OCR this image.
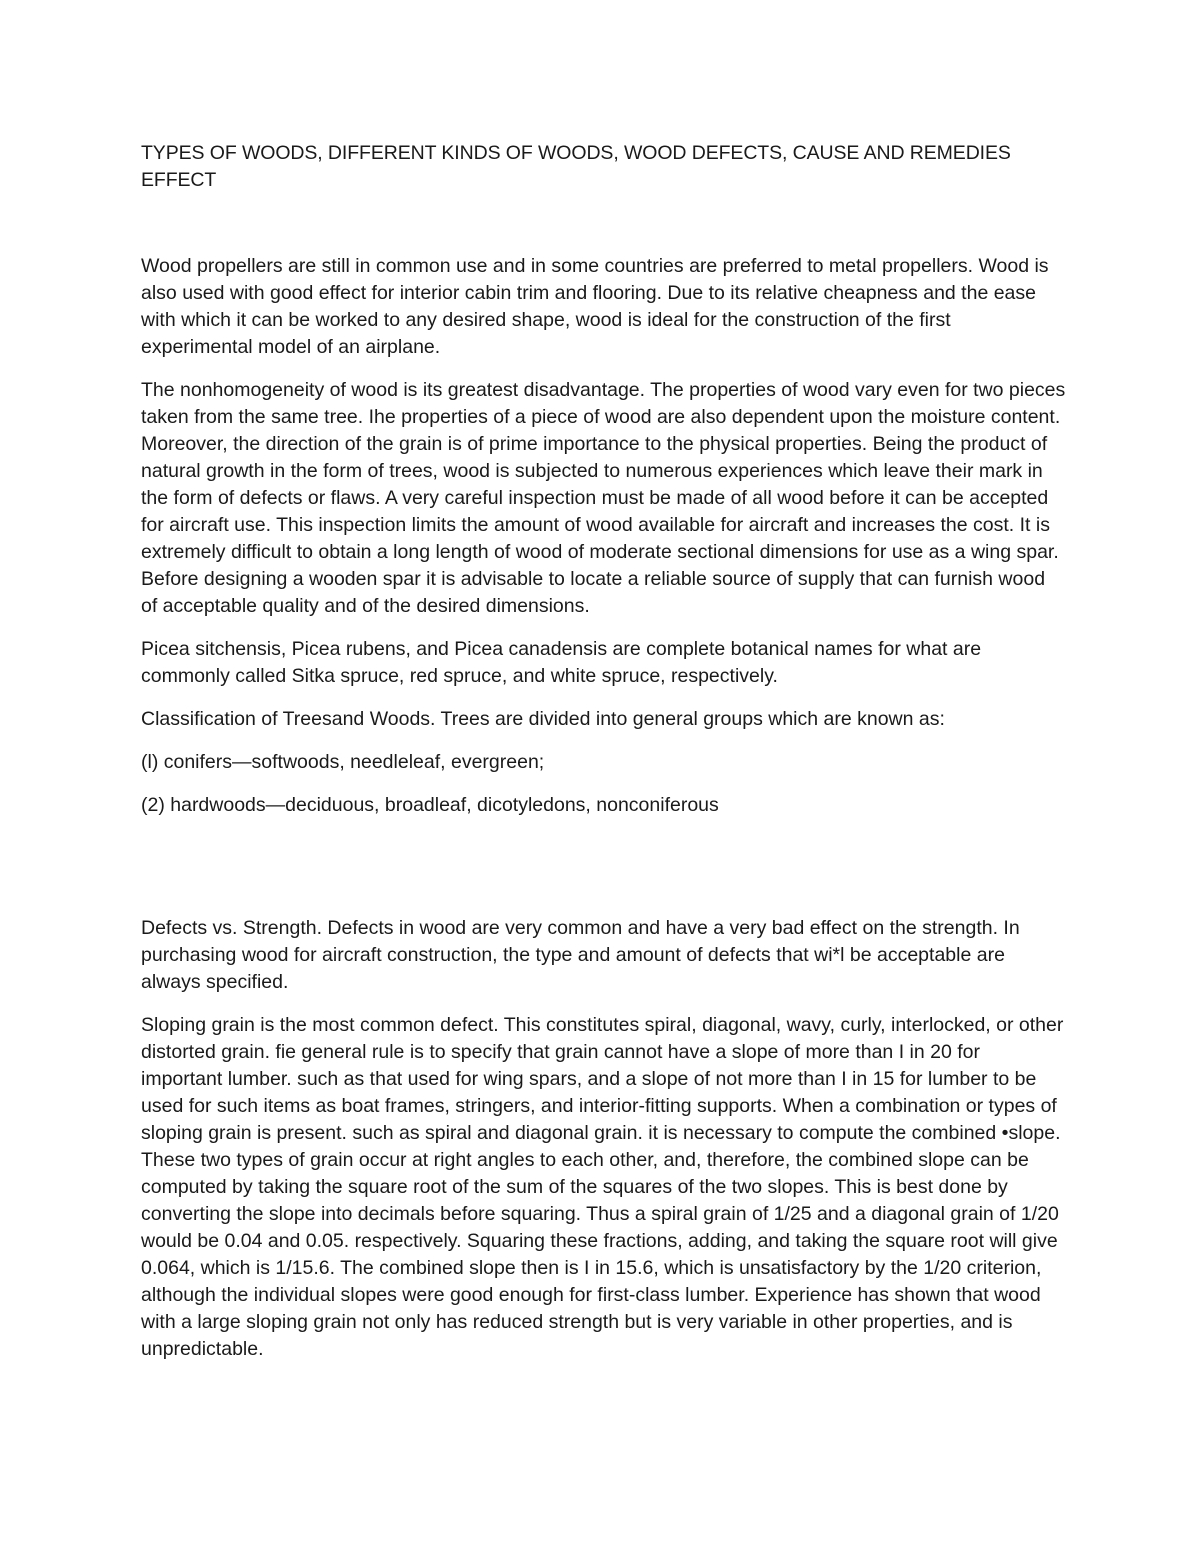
TYPES OF WOODS, DIFFERENT KINDS OF WOODS, WOOD DEFECTS, CAUSE AND REMEDIES EFFECT

Wood propellers are still in common use and in some countries are preferred to metal propellers. Wood is also used with good effect for interior cabin trim and flooring. Due to its relative cheapness and the ease with which it can be worked to any desired shape, wood is ideal for the construction of the first experimental model of an airplane.

The nonhomogeneity of wood is its greatest disadvantage. The properties of wood vary even for two pieces taken from the same tree. Ihe properties of a piece of wood are also dependent upon the moisture content. Moreover, the direction of the grain is of prime importance to the physical properties. Being the product of natural growth in the form of trees, wood is subjected to numerous experiences which leave their mark in the form of defects or flaws. A very careful inspection must be made of all wood before it can be accepted for aircraft use. This inspection limits the amount of wood available for aircraft and increases the cost. It is extremely difficult to obtain a long length of wood of moderate sectional dimensions for use as a wing spar. Before designing a wooden spar it is advisable to locate a reliable source of supply that can furnish wood of acceptable quality and of the desired dimensions.

Picea sitchensis, Picea rubens, and Picea canadensis are complete botanical names for what are commonly called Sitka spruce, red spruce, and white spruce, respectively.

Classification of Treesand Woods. Trees are divided into general groups which are known as:

(l) conifers—softwoods, needleleaf, evergreen;

(2) hardwoods—deciduous, broadleaf, dicotyledons, nonconiferous

Defects vs. Strength. Defects in wood are very common and have a very bad effect on the strength. In purchasing wood for aircraft construction, the type and amount of defects that wi*l be acceptable are always specified.

Sloping grain is the most common defect. This constitutes spiral, diagonal, wavy, curly, interlocked, or other distorted grain. fie general rule is to specify that grain cannot have a slope of more than I in 20 for important lumber. such as that used for wing spars, and a slope of not more than I in 15 for lumber to be used for such items as boat frames, stringers, and interior-fitting supports. When a combination or types of sloping grain is present. such as spiral and diagonal grain. it is necessary to compute the combined •slope. These two types of grain occur at right angles to each other, and, therefore, the combined slope can be computed by taking the square root of the sum of the squares of the two slopes. This is best done by converting the slope into decimals before squaring. Thus a spiral grain of 1/25 and a diagonal grain of 1/20 would be 0.04 and 0.05. respectively. Squaring these fractions, adding, and taking the square root will give 0.064, which is 1/15.6. The combined slope then is I in 15.6, which is unsatisfactory by the 1/20 criterion, although the individual slopes were good enough for first-class lumber. Experience has shown that wood with a large sloping grain not only has reduced strength but is very variable in other properties, and is unpredictable.
